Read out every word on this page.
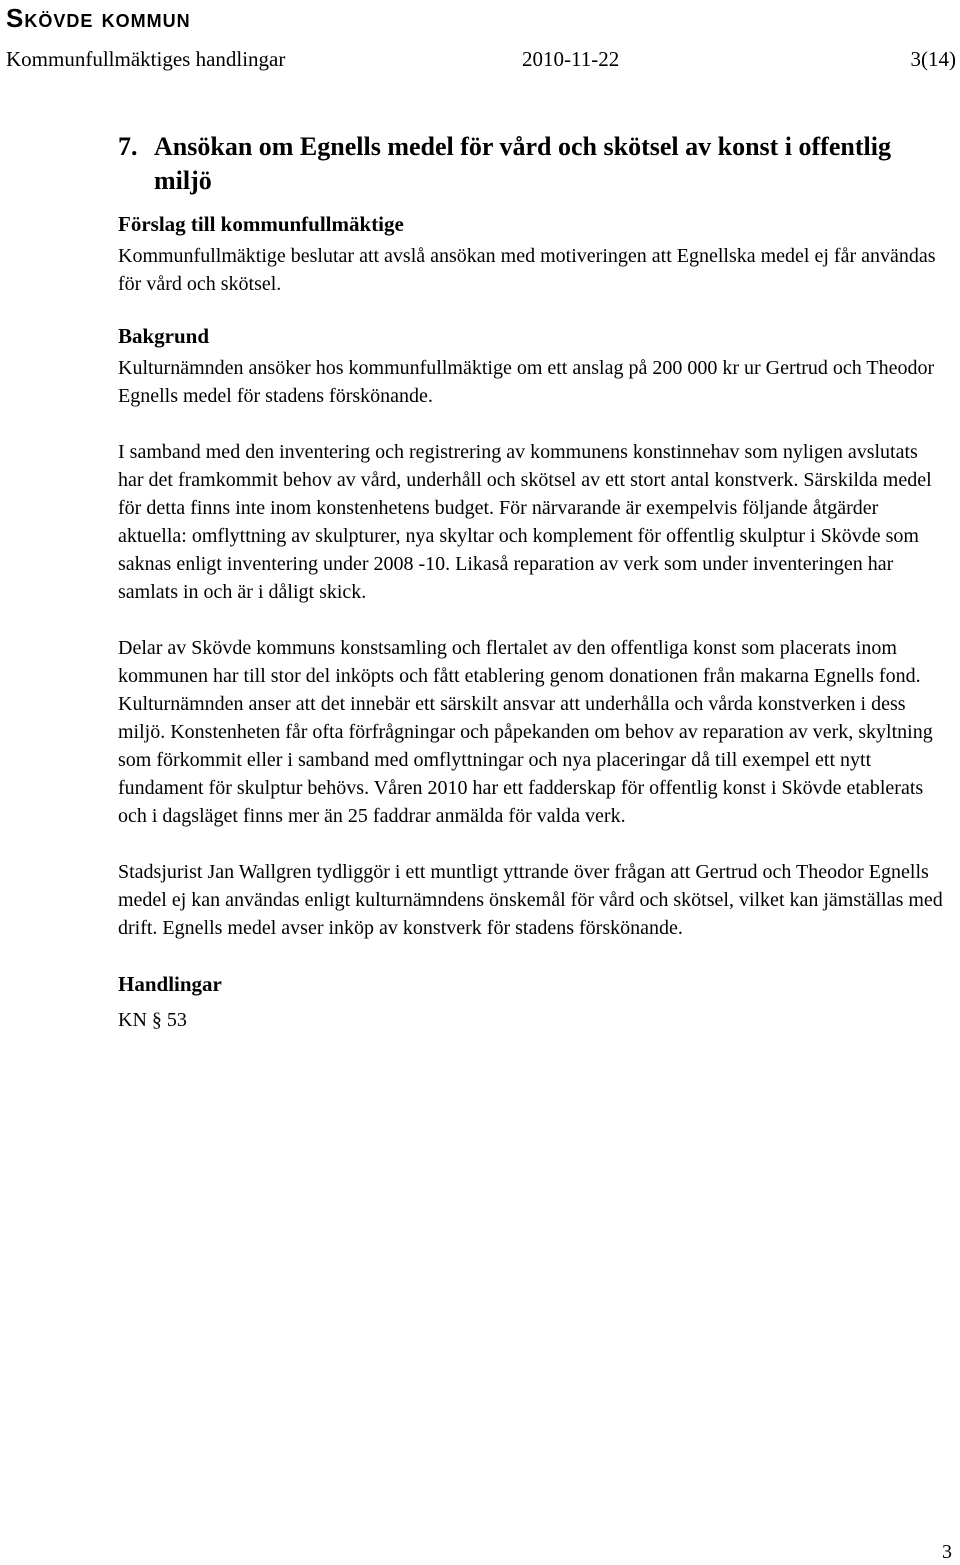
Skövde kommun
Kommunfullmäktiges handlingar	2010-11-22	3(14)
7. Ansökan om Egnells medel för vård och skötsel av konst i offentlig miljö
Förslag till kommunfullmäktige

Kommunfullmäktige beslutar att avslå ansökan med motiveringen att Egnellska medel ej får användas för vård och skötsel.

Bakgrund

Kulturnämnden ansöker hos kommunfullmäktige om ett anslag på 200 000 kr ur Gertrud och Theodor Egnells medel för stadens förskönande.

I samband med den inventering och registrering av kommunens konstinnehav som nyligen avslutats har det framkommit behov av vård, underhåll och skötsel av ett stort antal konstverk. Särskilda medel för detta finns inte inom konstenhetens budget. För närvarande är exempelvis följande åtgärder aktuella: omflyttning av skulpturer, nya skyltar och komplement för offentlig skulptur i Skövde som saknas enligt inventering under 2008 -10. Likaså reparation av verk som under inventeringen har samlats in och är i dåligt skick.

Delar av Skövde kommuns konstsamling och flertalet av den offentliga konst som placerats inom kommunen har till stor del inköpts och fått etablering genom donationen från makarna Egnells fond. Kulturnämnden anser att det innebär ett särskilt ansvar att underhålla och vårda konstverken i dess miljö. Konstenheten får ofta förfrågningar och påpekanden om behov av reparation av verk, skyltning som förkommit eller i samband med omflyttningar och nya placeringar då till exempel ett nytt fundament för skulptur behövs. Våren 2010 har ett fadderskap för offentlig konst i Skövde etablerats och i dagsläget finns mer än 25 faddrar anmälda för valda verk.

Stadsjurist Jan Wallgren tydliggör i ett muntligt yttrande över frågan att Gertrud och Theodor Egnells medel ej kan användas enligt kulturnämndens önskemål för vård och skötsel, vilket kan jämställas med drift. Egnells medel avser inköp av konstverk för stadens förskönande.

Handlingar

KN § 53

3
